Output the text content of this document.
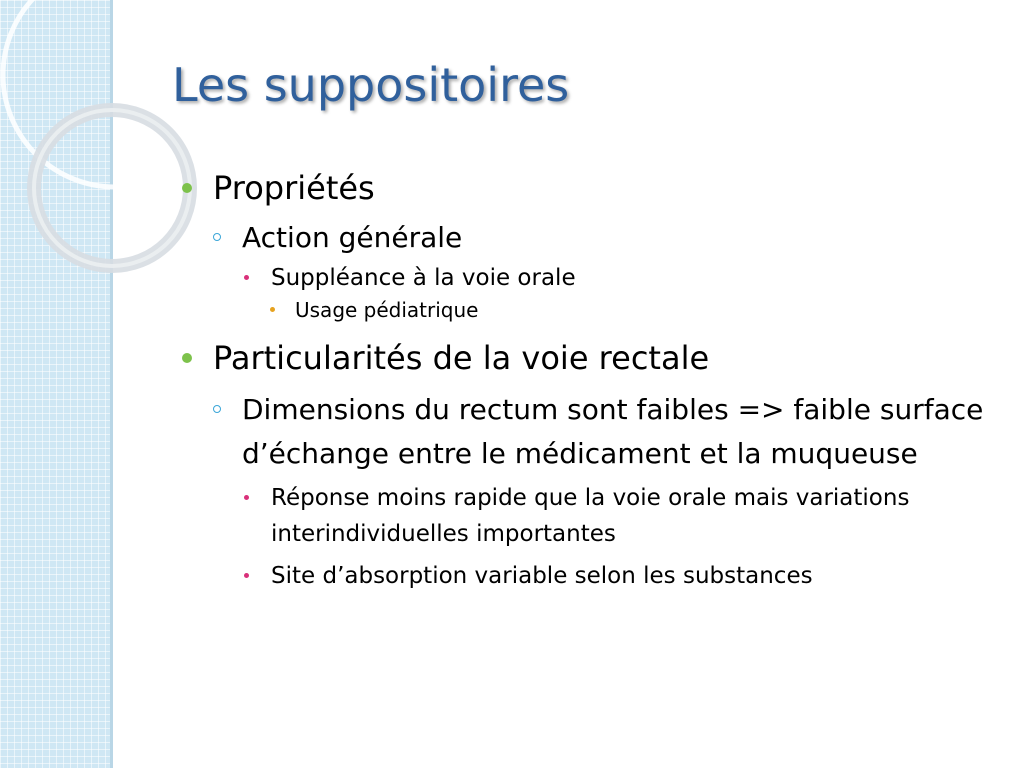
Les suppositoires
Propriétés
Action générale
Suppléance à la voie orale
Usage pédiatrique
Particularités de la voie rectale
Dimensions du rectum sont faibles => faible surface d’échange entre le médicament et la muqueuse
Réponse moins rapide que la voie orale mais variations interindividuelles importantes
Site d’absorption variable selon les substances
